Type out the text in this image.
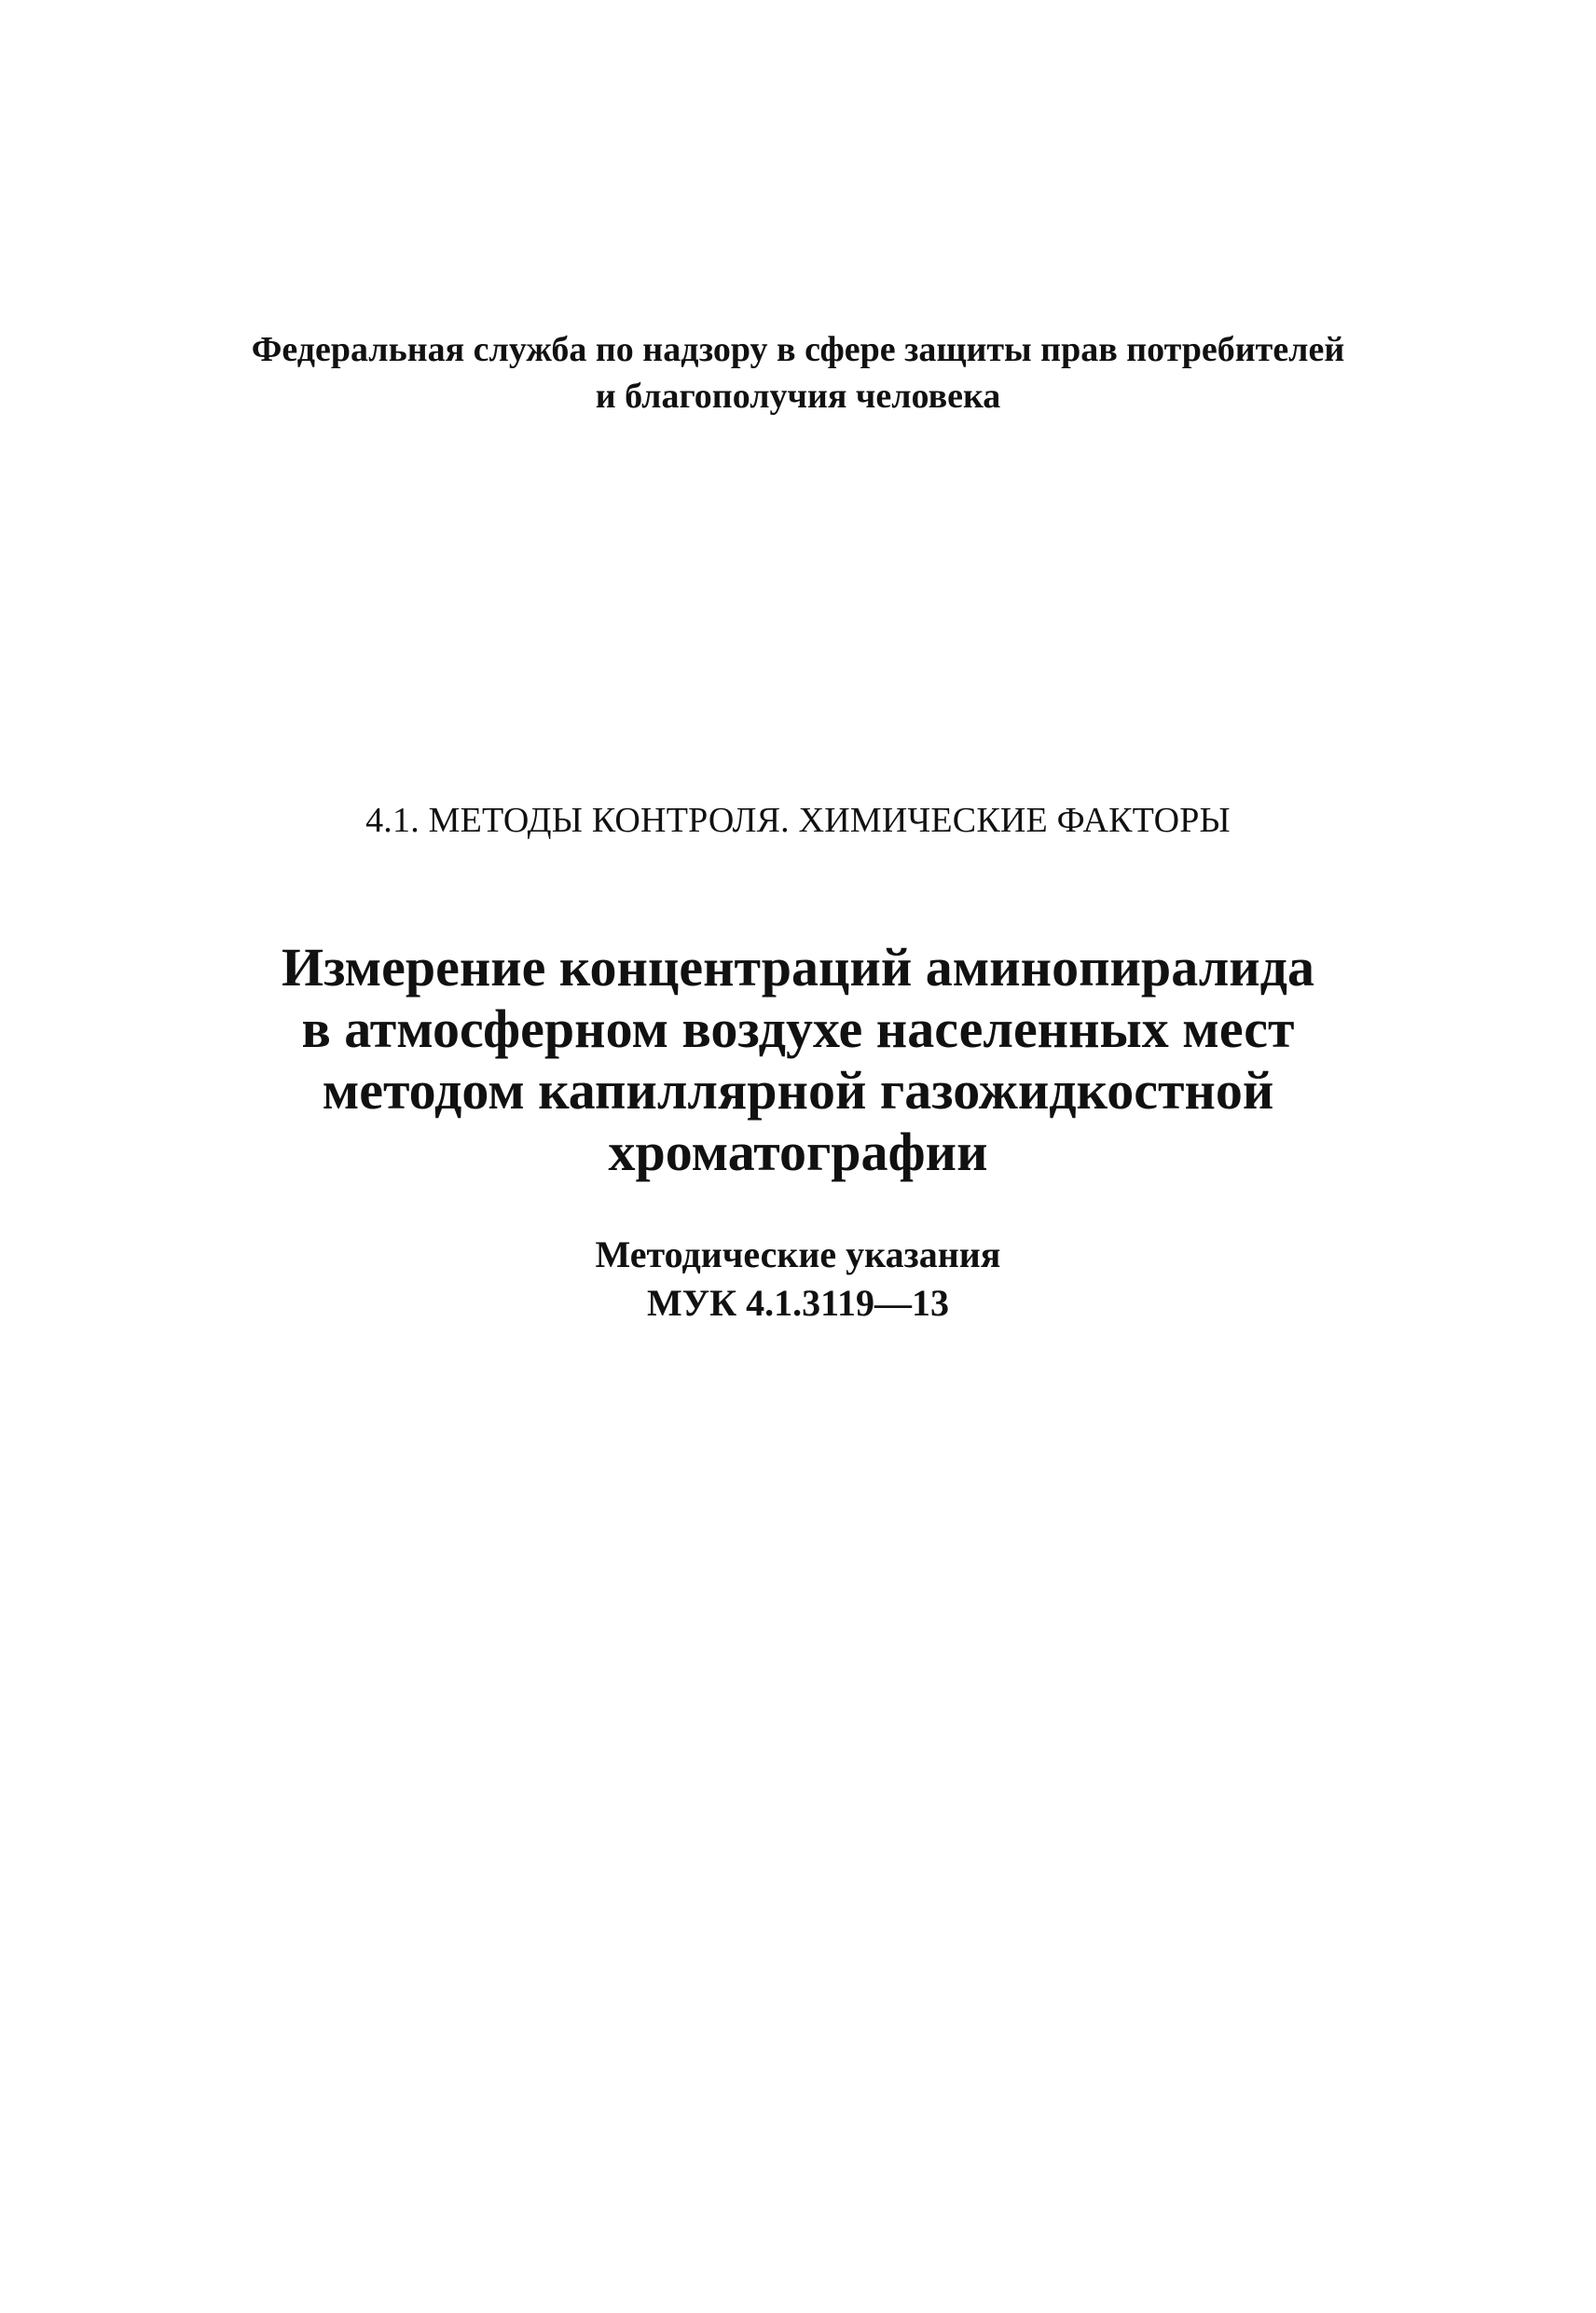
Федеральная служба по надзору в сфере защиты прав потребителей
и благополучия человека
4.1. МЕТОДЫ КОНТРОЛЯ. ХИМИЧЕСКИЕ ФАКТОРЫ
Измерение концентраций аминопиралида
в атмосферном воздухе населенных мест
методом капиллярной газожидкостной
хроматографии
Методические указания
МУК 4.1.3119—13
